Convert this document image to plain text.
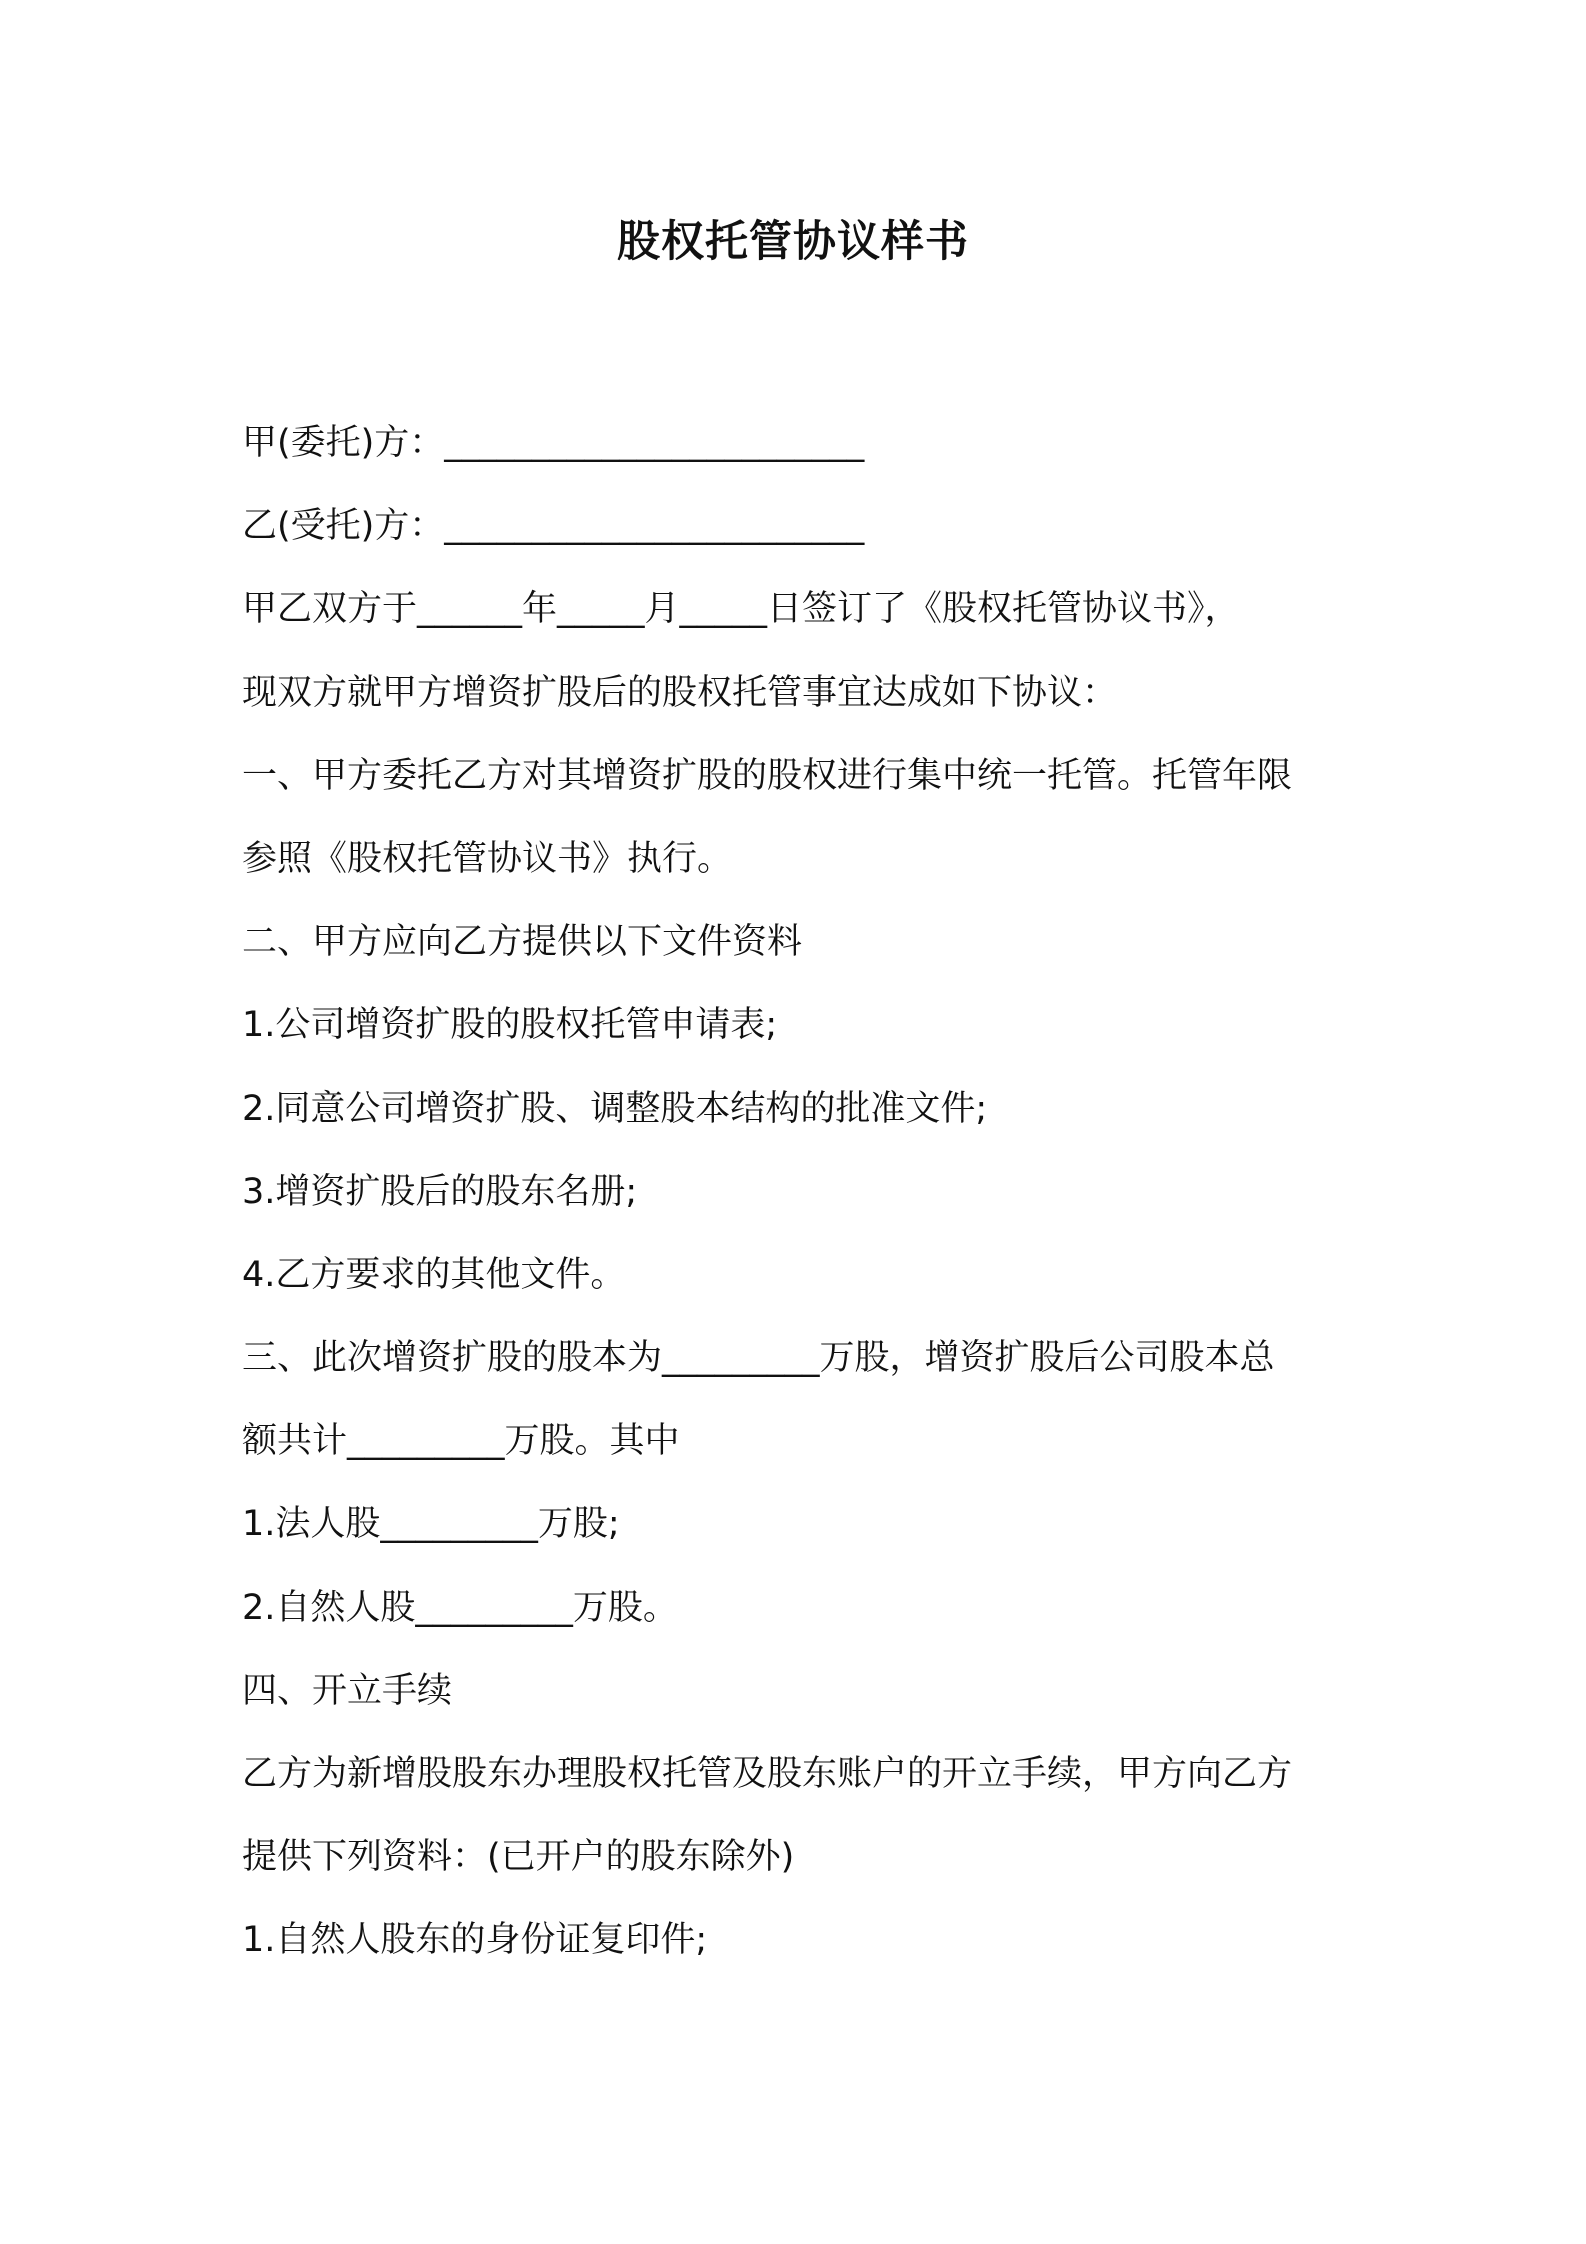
股权托管协议样书
甲(委托)方：________________________
乙(受托)方：________________________
甲乙双方于______年_____月_____日签订了《股权托管协议书》，
现双方就甲方增资扩股后的股权托管事宜达成如下协议：
一、甲方委托乙方对其增资扩股的股权进行集中统一托管。托管年限
参照《股权托管协议书》执行。
二、甲方应向乙方提供以下文件资料
1.公司增资扩股的股权托管申请表;
2.同意公司增资扩股、调整股本结构的批准文件;
3.增资扩股后的股东名册;
4.乙方要求的其他文件。
三、此次增资扩股的股本为_________万股，增资扩股后公司股本总
额共计_________万股。其中
1.法人股_________万股;
2.自然人股_________万股。
四、开立手续
乙方为新增股股东办理股权托管及股东账户的开立手续，甲方向乙方
提供下列资料：(已开户的股东除外)
1.自然人股东的身份证复印件;
